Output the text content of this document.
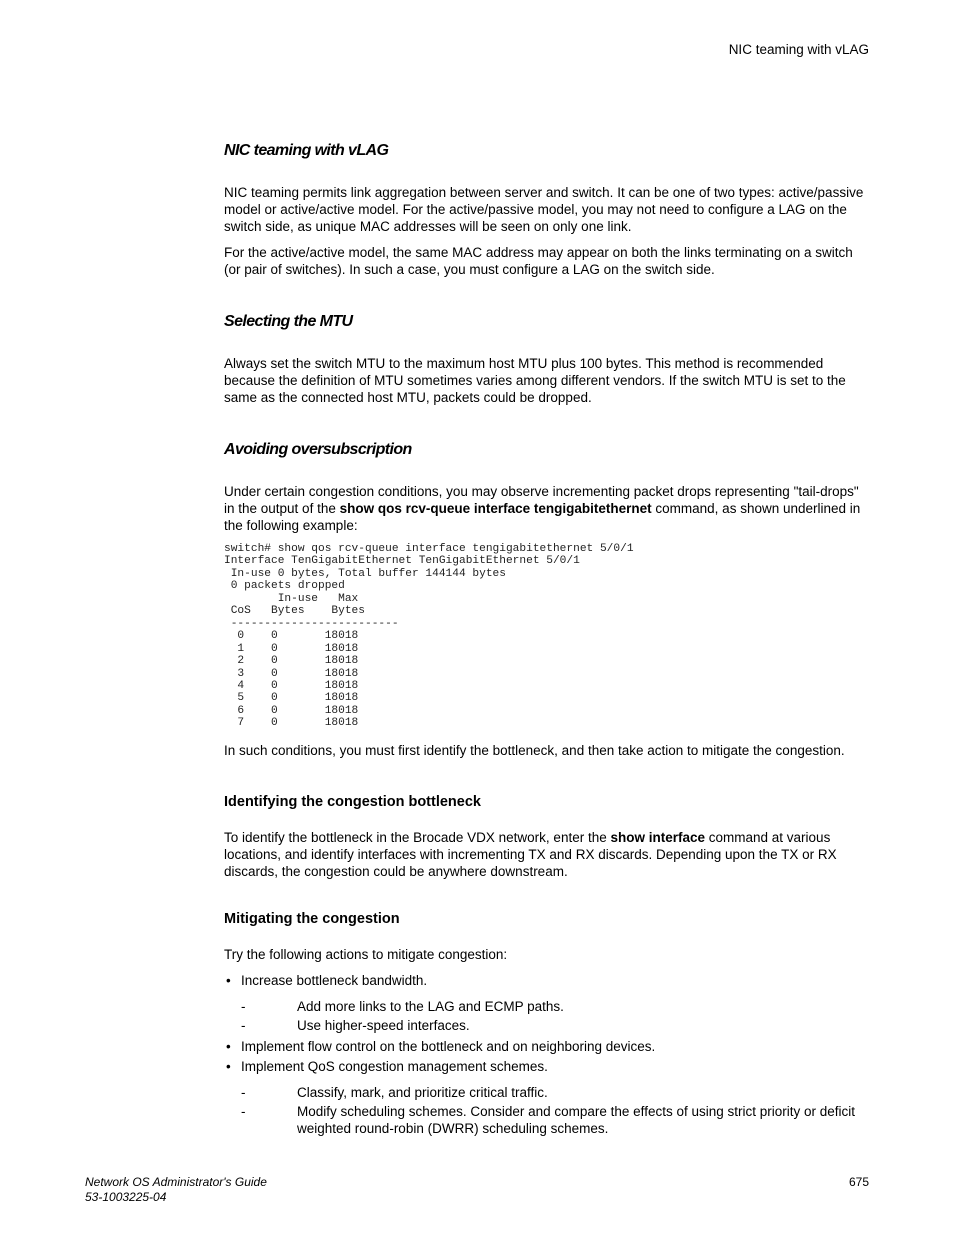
NIC teaming with vLAG
NIC teaming with vLAG

NIC teaming permits link aggregation between server and switch. It can be one of two types: active/passive model or active/active model. For the active/passive model, you may not need to configure a LAG on the switch side, as unique MAC addresses will be seen on only one link.

For the active/active model, the same MAC address may appear on both the links terminating on a switch (or pair of switches). In such a case, you must configure a LAG on the switch side.

Selecting the MTU

Always set the switch MTU to the maximum host MTU plus 100 bytes. This method is recommended because the definition of MTU sometimes varies among different vendors. If the switch MTU is set to the same as the connected host MTU, packets could be dropped.

Avoiding oversubscription

Under certain congestion conditions, you may observe incrementing packet drops representing "tail-drops" in the output of the show qos rcv-queue interface tengigabitethernet command, as shown underlined in the following example:

switch# show qos rcv-queue interface tengigabitethernet 5/0/1
Interface TenGigabitEthernet TenGigabitEthernet 5/0/1
In-use 0 bytes, Total buffer 144144 bytes
0 packets dropped
In-use   Max
CoS   Bytes    Bytes
-------------------------
0    0       18018
1    0       18018
2    0       18018
3    0       18018
4    0       18018
5    0       18018
6    0       18018
7    0       18018

In such conditions, you must first identify the bottleneck, and then take action to mitigate the congestion.

Identifying the congestion bottleneck

To identify the bottleneck in the Brocade VDX network, enter the show interface command at various locations, and identify interfaces with incrementing TX and RX discards. Depending upon the TX or RX discards, the congestion could be anywhere downstream.

Mitigating the congestion

Try the following actions to mitigate congestion:

• Increase bottleneck bandwidth.
-	Add more links to the LAG and ECMP paths.
-	Use higher-speed interfaces.
• Implement flow control on the bottleneck and on neighboring devices.
• Implement QoS congestion management schemes.
-	Classify, mark, and prioritize critical traffic.
-	Modify scheduling schemes. Consider and compare the effects of using strict priority or deficit weighted round-robin (DWRR) scheduling schemes.
Network OS Administrator's Guide
53-1003225-04
675
